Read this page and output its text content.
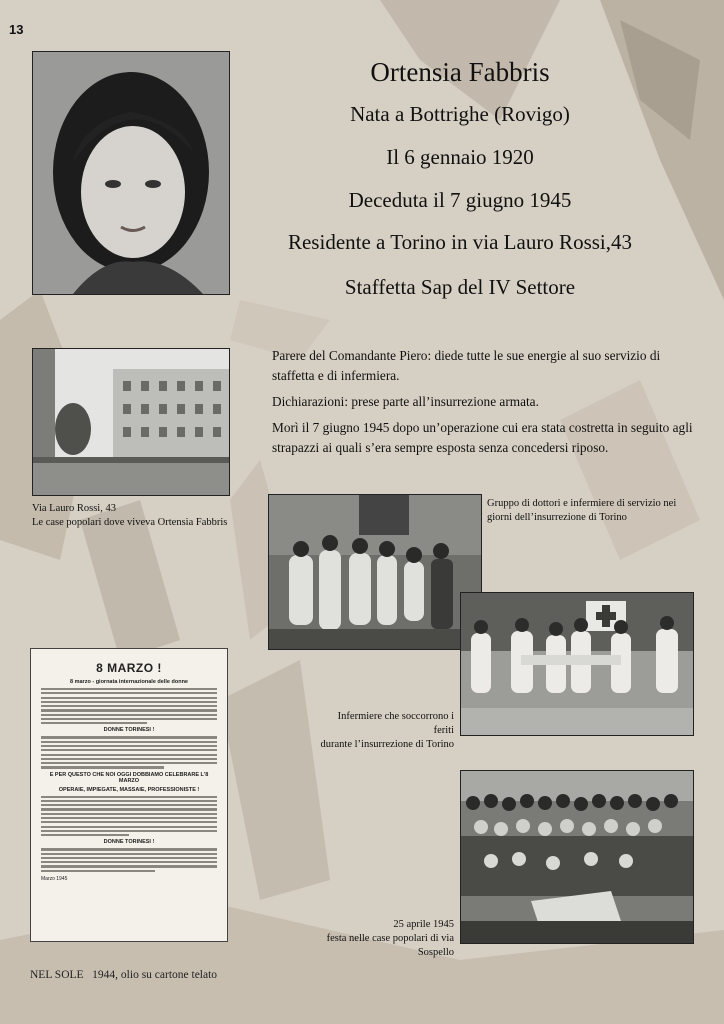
13
Ortensia Fabbris
Nata a Bottrighe (Rovigo)
Il 6 gennaio 1920
Deceduta il 7 giugno 1945
Residente a Torino in via Lauro Rossi,43
Staffetta Sap del IV Settore
Via Lauro Rossi, 43
Le case popolari dove viveva Ortensia Fabbris

Parere del Comandante Piero: diede tutte le sue energie al suo servizio di staffetta e di infermiera.

Dichiarazioni: prese parte all’insurrezione armata.

Morì il 7 giugno 1945 dopo un’operazione cui era stata costretta in seguito agli strapazzi ai quali s’era sempre esposta senza concedersi riposo.

Gruppo di dottori e infermiere di servizio nei
giorni dell’insurrezione di Torino
Infermiere che soccorrono i feriti
durante l’insurrezione di Torino
25 aprile 1945
festa nelle case popolari di via Sospello
8 MARZO !
8 marzo - giornata internazionale delle donne
DONNE TORINESI !
E PER QUESTO CHE NOI OGGI DOBBIAMO CELEBRARE L'8 MARZO
OPERAIE, IMPIEGATE, MASSAIE, PROFESSIONISTE !
DONNE TORINESI !
Marzo 1945
NEL SOLE   1944, olio su cartone telato
